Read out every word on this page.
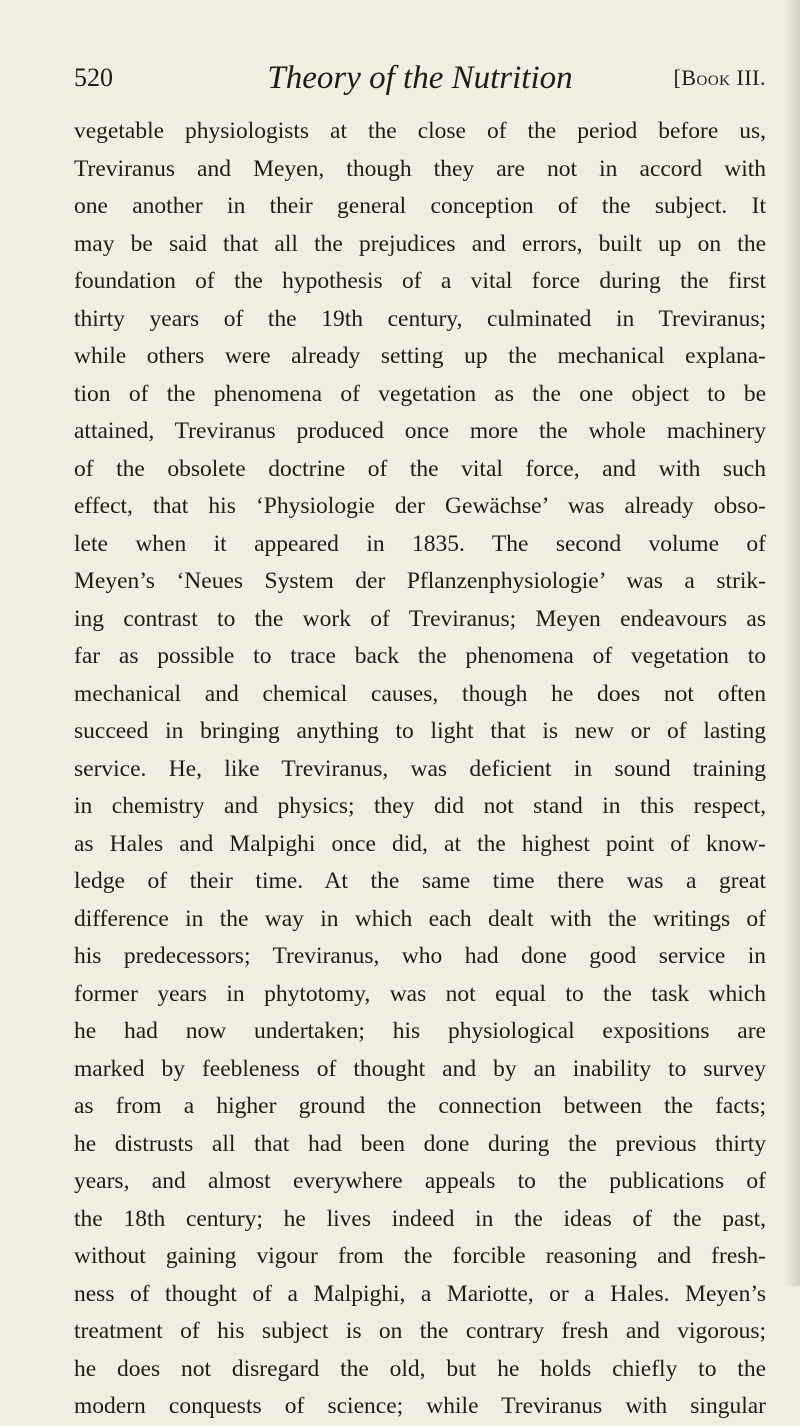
520	Theory of the Nutrition	[Book III.
vegetable physiologists at the close of the period before us,
Treviranus and Meyen, though they are not in accord with
one another in their general conception of the subject. It
may be said that all the prejudices and errors, built up on the
foundation of the hypothesis of a vital force during the first
thirty years of the 19th century, culminated in Treviranus;
while others were already setting up the mechanical explana-
tion of the phenomena of vegetation as the one object to be
attained, Treviranus produced once more the whole machinery
of the obsolete doctrine of the vital force, and with such
effect, that his ‘Physiologie der Gewächse’ was already obso-
lete when it appeared in 1835. The second volume of
Meyen’s ‘Neues System der Pflanzenphysiologie’ was a strik-
ing contrast to the work of Treviranus; Meyen endeavours as
far as possible to trace back the phenomena of vegetation to
mechanical and chemical causes, though he does not often
succeed in bringing anything to light that is new or of lasting
service. He, like Treviranus, was deficient in sound training
in chemistry and physics; they did not stand in this respect,
as Hales and Malpighi once did, at the highest point of know-
ledge of their time. At the same time there was a great
difference in the way in which each dealt with the writings of
his predecessors; Treviranus, who had done good service in
former years in phytotomy, was not equal to the task which
he had now undertaken; his physiological expositions are
marked by feebleness of thought and by an inability to survey
as from a higher ground the connection between the facts;
he distrusts all that had been done during the previous thirty
years, and almost everywhere appeals to the publications of
the 18th century; he lives indeed in the ideas of the past,
without gaining vigour from the forcible reasoning and fresh-
ness of thought of a Malpighi, a Mariotte, or a Hales. Meyen’s
treatment of his subject is on the contrary fresh and vigorous;
he does not disregard the old, but he holds chiefly to the
modern conquests of science; while Treviranus with singular
